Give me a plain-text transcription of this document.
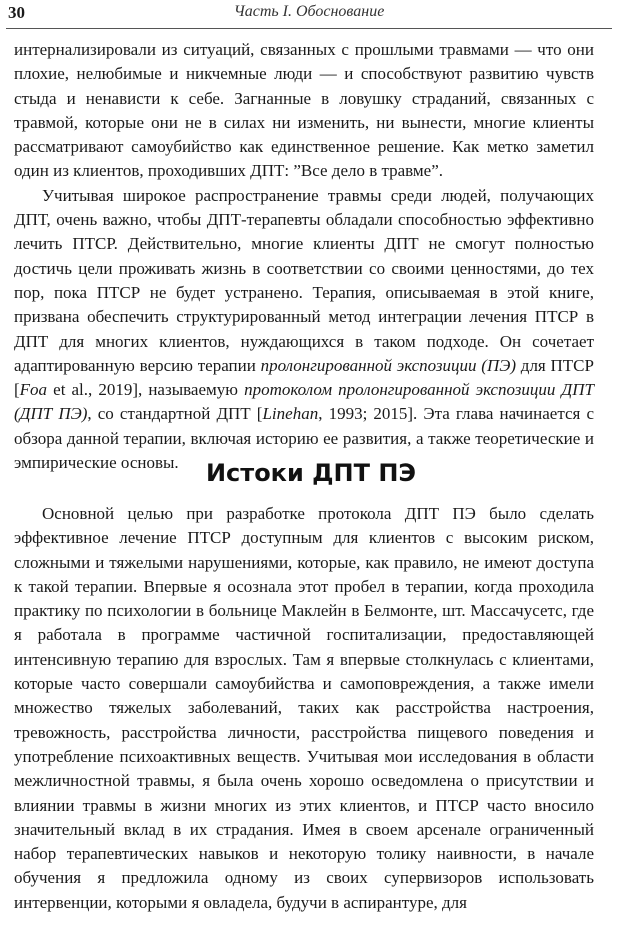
30	Часть I. Обоснование

интернализировали из ситуаций, связанных с прошлыми травмами — что они плохие, нелюбимые и никчемные люди — и способствуют развитию чувств стыда и ненависти к себе. Загнанные в ловушку страданий, связанных с травмой, которые они не в силах ни изменить, ни вынести, многие клиенты рассматривают самоубийство как единственное решение. Как метко заметил один из клиентов, проходивших ДПТ: ”Все дело в травме”.

Учитывая широкое распространение травмы среди людей, получающих ДПТ, очень важно, чтобы ДПТ-терапевты обладали способностью эффективно лечить ПТСР. Действительно, многие клиенты ДПТ не смогут полностью достичь цели проживать жизнь в соответствии со своими ценностями, до тех пор, пока ПТСР не будет устранено. Терапия, описываемая в этой книге, призвана обеспечить структурированный метод интеграции лечения ПТСР в ДПТ для многих клиентов, нуждающихся в таком подходе. Он сочетает адаптированную версию терапии пролонгированной экспозиции (ПЭ) для ПТСР [Foa et al., 2019], называемую протоколом пролонгированной экспозиции ДПТ (ДПТ ПЭ), со стандартной ДПТ [Linehan, 1993; 2015]. Эта глава начинается с обзора данной терапии, включая историю ее развития, а также теоретические и эмпирические основы.	Истоки ДПТ ПЭ

Основной целью при разработке протокола ДПТ ПЭ было сделать эффективное лечение ПТСР доступным для клиентов с высоким риском, сложными и тяжелыми нарушениями, которые, как правило, не имеют доступа к такой терапии. Впервые я осознала этот пробел в терапии, когда проходила практику по психологии в больнице Маклейн в Белмонте, шт. Массачусетс, где я работала в программе частичной госпитализации, предоставляющей интенсивную терапию для взрослых. Там я впервые столкнулась с клиентами, которые часто совершали самоубийства и самоповреждения, а также имели множество тяжелых заболеваний, таких как расстройства настроения, тревожность, расстройства личности, расстройства пищевого поведения и употребление психоактивных веществ. Учитывая мои исследования в области межличностной травмы, я была очень хорошо осведомлена о присутствии и влиянии травмы в жизни многих из этих клиентов, и ПТСР часто вносило значительный вклад в их страдания. Имея в своем арсенале ограниченный набор терапевтических навыков и некоторую толику наивности, в начале обучения я предложила одному из своих супервизоров использовать интервенции, которыми я овладела, будучи в аспирантуре, для
